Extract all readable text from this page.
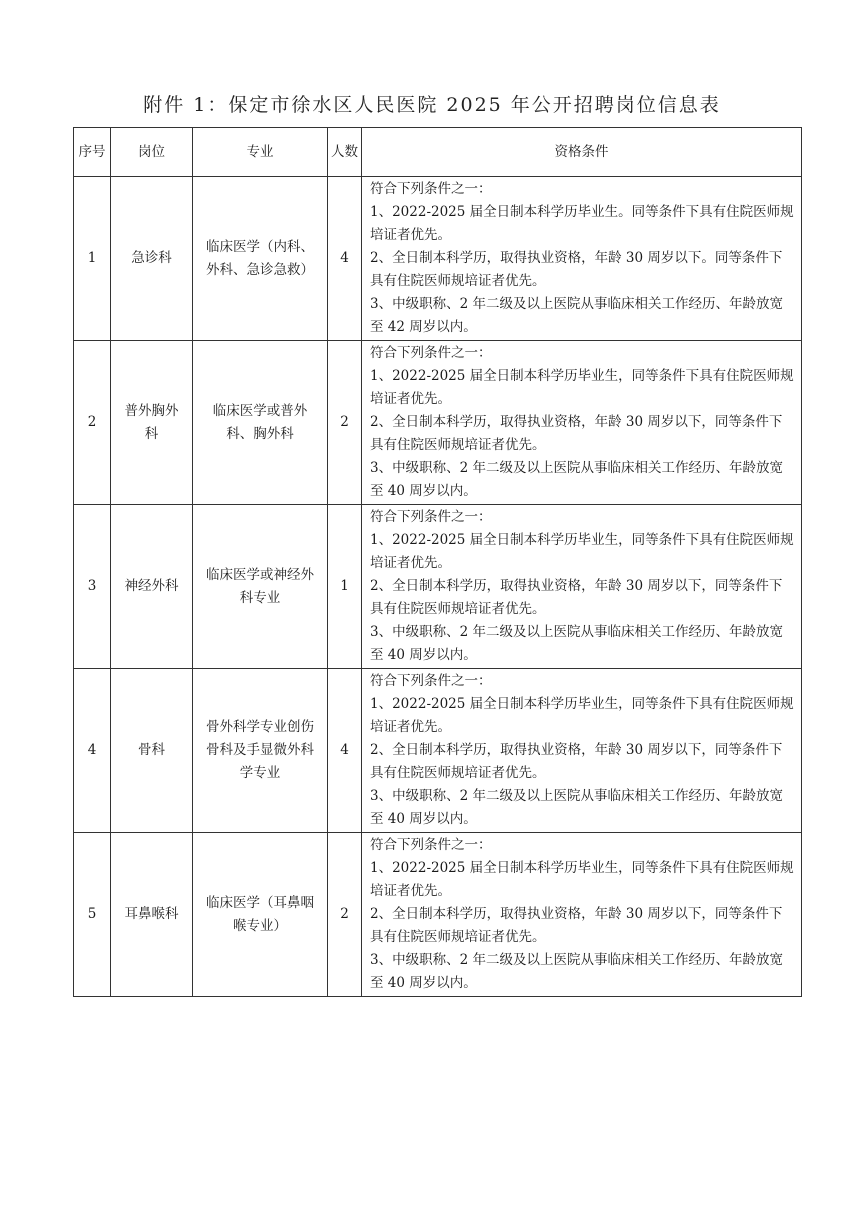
附件 1：保定市徐水区人民医院 2025 年公开招聘岗位信息表
序号	岗位	专业	人数	资格条件
1	急诊科	临床医学（内科、外科、急诊急救）	4	符合下列条件之一：
1、2022-2025 届全日制本科学历毕业生。同等条件下具有住院医师规培证者优先。
2、全日制本科学历，取得执业资格，年龄 30 周岁以下。同等条件下具有住院医师规培证者优先。
3、中级职称、2 年二级及以上医院从事临床相关工作经历、年龄放宽至 42 周岁以内。

2	普外胸外科	临床医学或普外科、胸外科	2	符合下列条件之一：
1、2022-2025 届全日制本科学历毕业生，同等条件下具有住院医师规培证者优先。
2、全日制本科学历，取得执业资格，年龄 30 周岁以下，同等条件下具有住院医师规培证者优先。
3、中级职称、2 年二级及以上医院从事临床相关工作经历、年龄放宽至 40 周岁以内。

3	神经外科	临床医学或神经外科专业	1	符合下列条件之一：
1、2022-2025 届全日制本科学历毕业生，同等条件下具有住院医师规培证者优先。
2、全日制本科学历，取得执业资格，年龄 30 周岁以下，同等条件下具有住院医师规培证者优先。
3、中级职称、2 年二级及以上医院从事临床相关工作经历、年龄放宽至 40 周岁以内。

4	骨科	骨外科学专业创伤骨科及手显微外科学专业	4	符合下列条件之一：
1、2022-2025 届全日制本科学历毕业生，同等条件下具有住院医师规培证者优先。
2、全日制本科学历，取得执业资格，年龄 30 周岁以下，同等条件下具有住院医师规培证者优先。
3、中级职称、2 年二级及以上医院从事临床相关工作经历、年龄放宽至 40 周岁以内。

5	耳鼻喉科	临床医学（耳鼻咽喉专业）	2	符合下列条件之一：
1、2022-2025 届全日制本科学历毕业生，同等条件下具有住院医师规培证者优先。
2、全日制本科学历，取得执业资格，年龄 30 周岁以下，同等条件下具有住院医师规培证者优先。
3、中级职称、2 年二级及以上医院从事临床相关工作经历、年龄放宽至 40 周岁以内。
